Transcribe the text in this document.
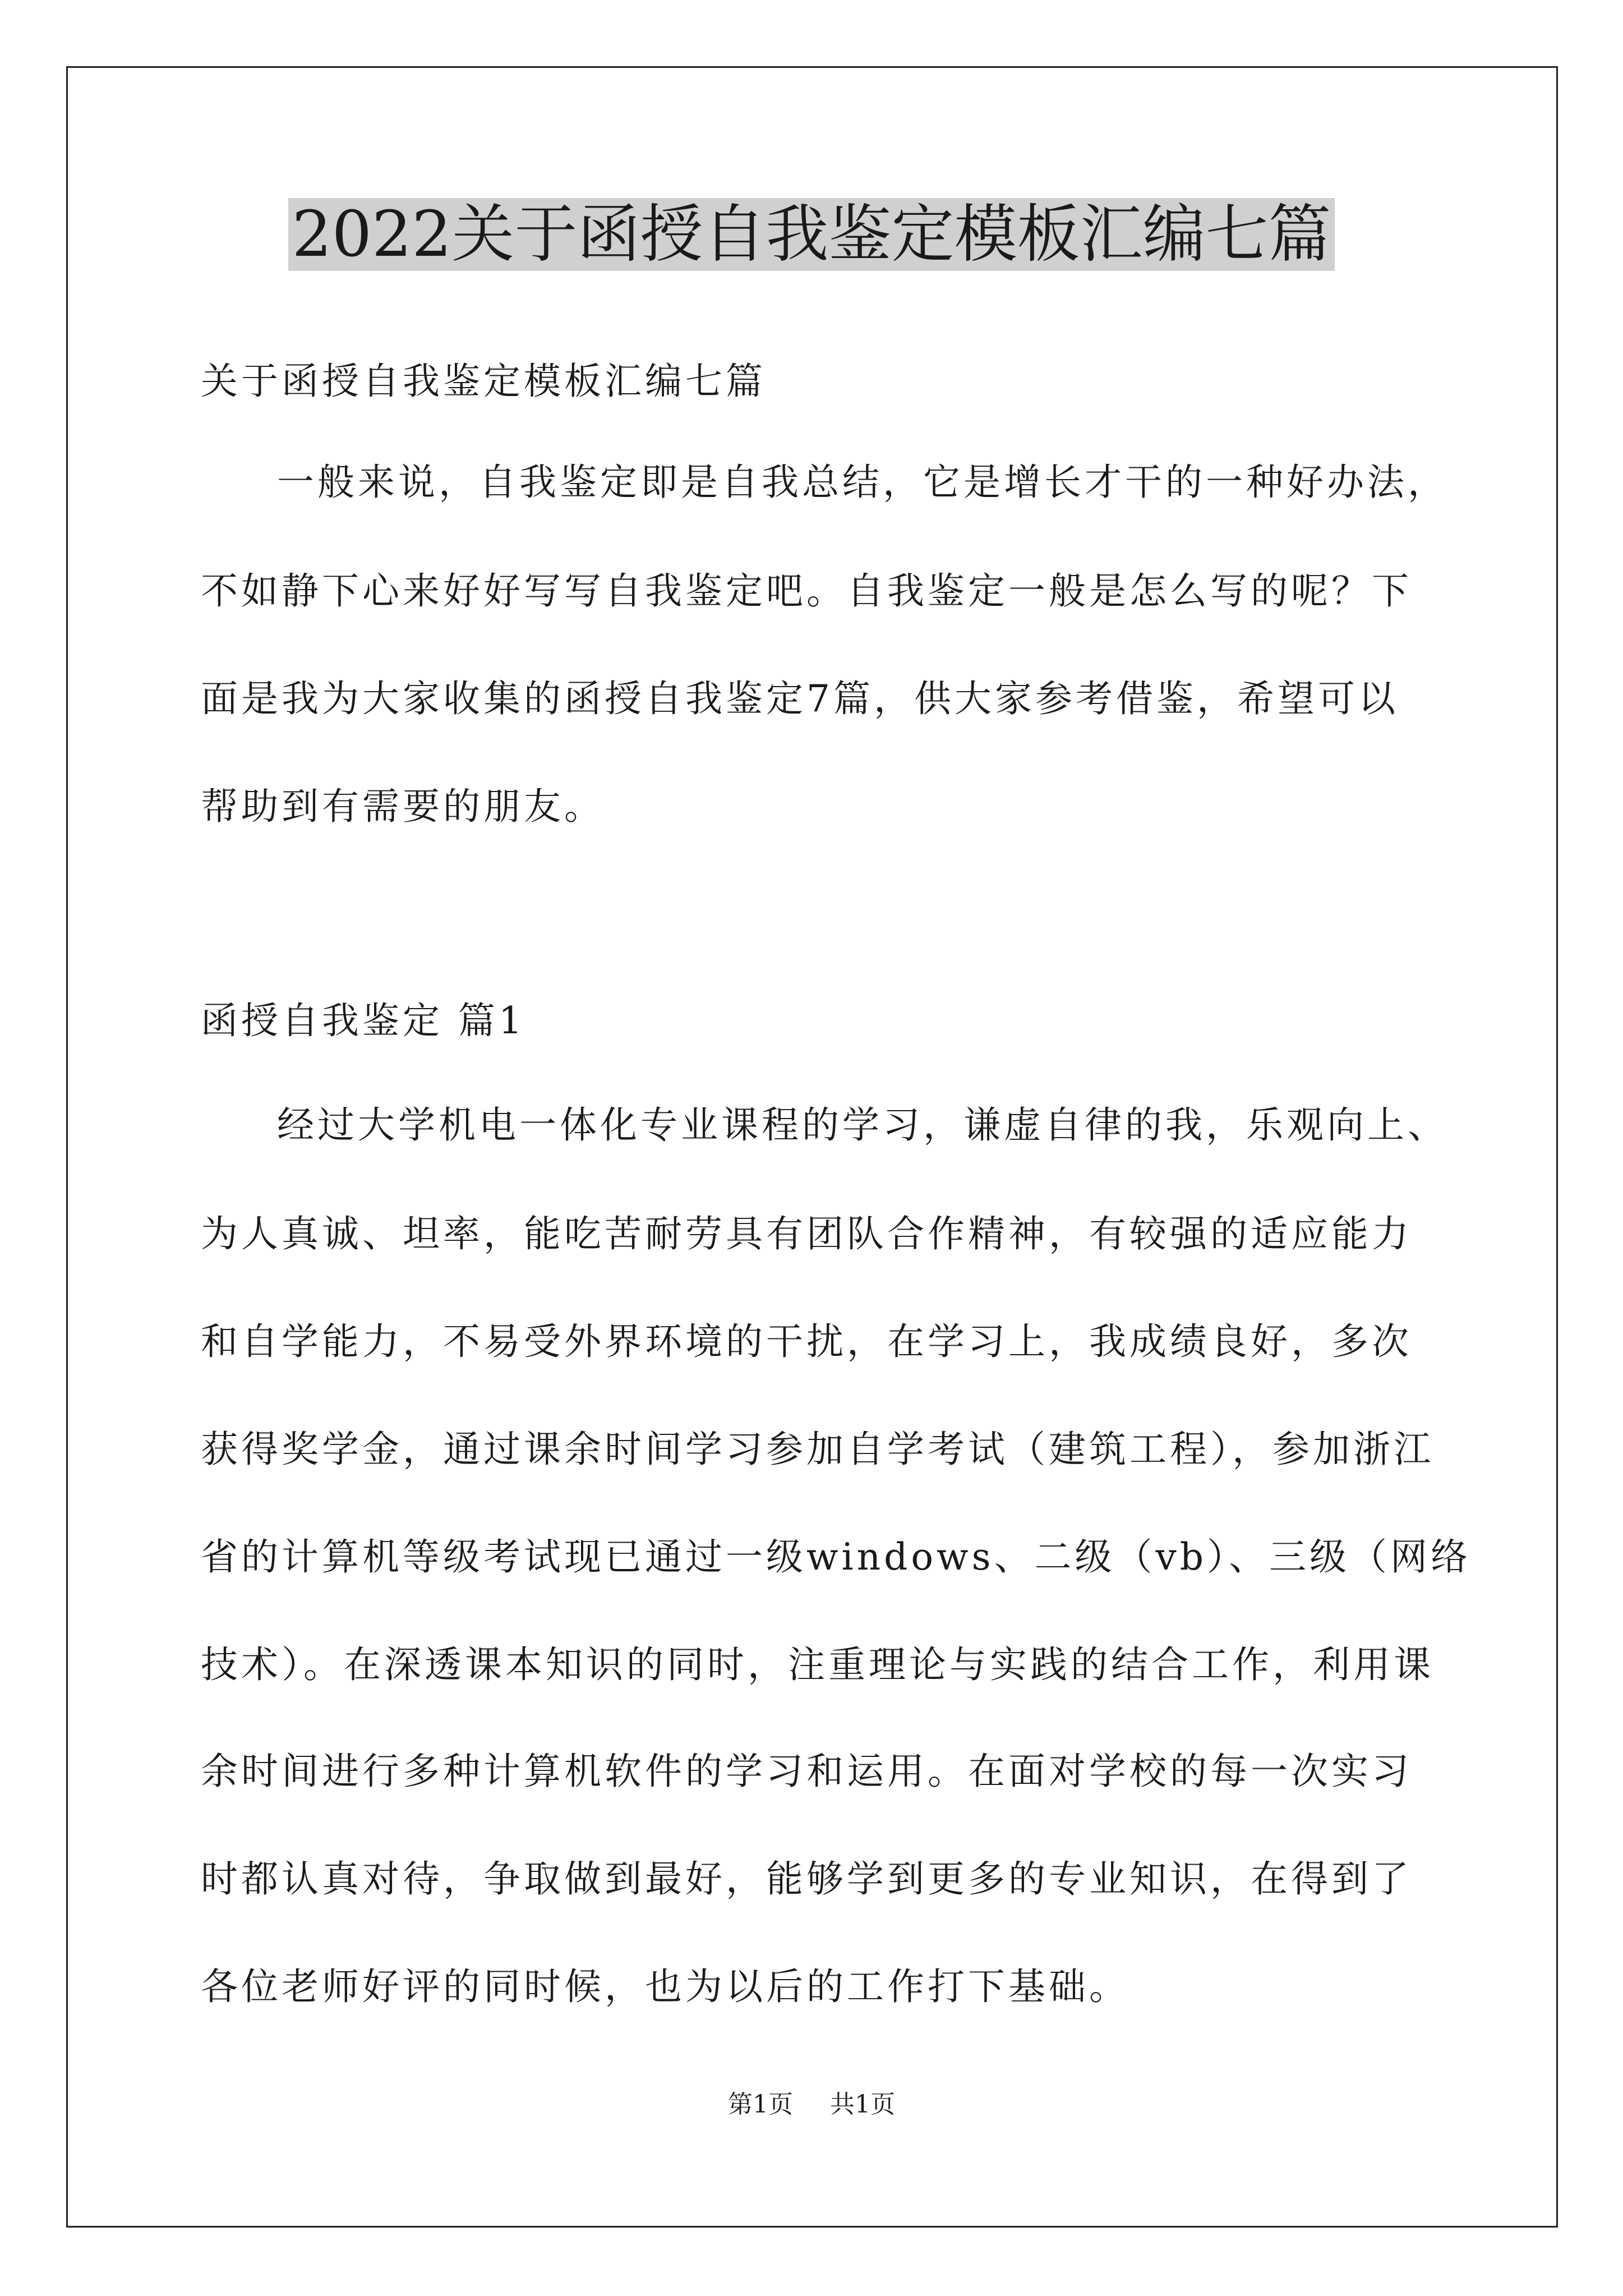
2022关于函授自我鉴定模板汇编七篇
关于函授自我鉴定模板汇编七篇
一般来说，自我鉴定即是自我总结，它是增长才干的一种好办法，
不如静下心来好好写写自我鉴定吧。自我鉴定一般是怎么写的呢？下
面是我为大家收集的函授自我鉴定7篇，供大家参考借鉴，希望可以
帮助到有需要的朋友。
函授自我鉴定 篇1
经过大学机电一体化专业课程的学习，谦虚自律的我，乐观向上、
为人真诚、坦率，能吃苦耐劳具有团队合作精神，有较强的适应能力
和自学能力，不易受外界环境的干扰，在学习上，我成绩良好，多次
获得奖学金，通过课余时间学习参加自学考试（建筑工程），参加浙江
省的计算机等级考试现已通过一级windows、二级（vb）、三级（网络
技术）。在深透课本知识的同时，注重理论与实践的结合工作，利用课
余时间进行多种计算机软件的学习和运用。在面对学校的每一次实习
时都认真对待，争取做到最好，能够学到更多的专业知识，在得到了
各位老师好评的同时候，也为以后的工作打下基础。
第1页 共1页
